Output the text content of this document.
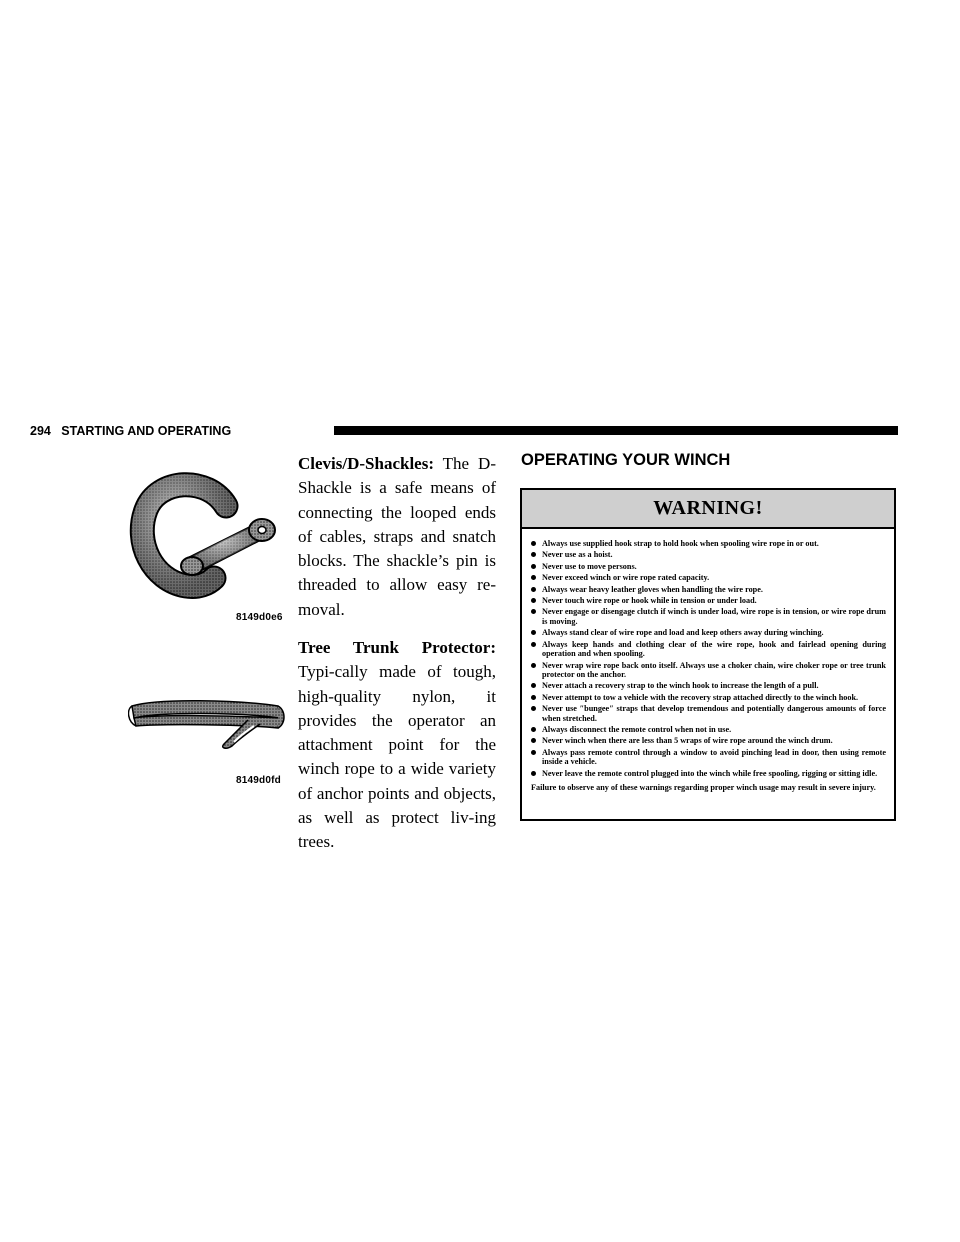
294 STARTING AND OPERATING
8149d0e6
Clevis/D-Shackles: The D-Shackle is a safe means of connecting the looped ends of cables, straps and snatch blocks. The shackle’s pin is threaded to allow easy re-moval.
8149d0fd
Tree Trunk Protector: Typi-cally made of tough, high-quality nylon, it provides the operator an attachment point for the winch rope to a wide variety of anchor points and objects, as well as protect liv-ing trees.
OPERATING YOUR WINCH
WARNING!
Always use supplied hook strap to hold hook when spooling wire rope in or out.
Never use as a hoist.
Never use to move persons.
Never exceed winch or wire rope rated capacity.
Always wear heavy leather gloves when handling the wire rope.
Never touch wire rope or hook while in tension or under load.
Never engage or disengage clutch if winch is under load, wire rope is in tension, or wire rope drum is moving.
Always stand clear of wire rope and load and keep others away during winching.
Always keep hands and clothing clear of the wire rope, hook and fairlead opening during operation and when spooling.
Never wrap wire rope back onto itself. Always use a choker chain, wire choker rope or tree trunk protector on the anchor.
Never attach a recovery strap to the winch hook to increase the length of a pull.
Never attempt to tow a vehicle with the recovery strap attached directly to the winch hook.
Never use ″bungee″ straps that develop tremendous and potentially dangerous amounts of force when stretched.
Always disconnect the remote control when not in use.
Never winch when there are less than 5 wraps of wire rope around the winch drum.
Always pass remote control through a window to avoid pinching lead in door, then using remote inside a vehicle.
Never leave the remote control plugged into the winch while free spooling, rigging or sitting idle.
Failure to observe any of these warnings regarding proper winch usage may result in severe injury.
